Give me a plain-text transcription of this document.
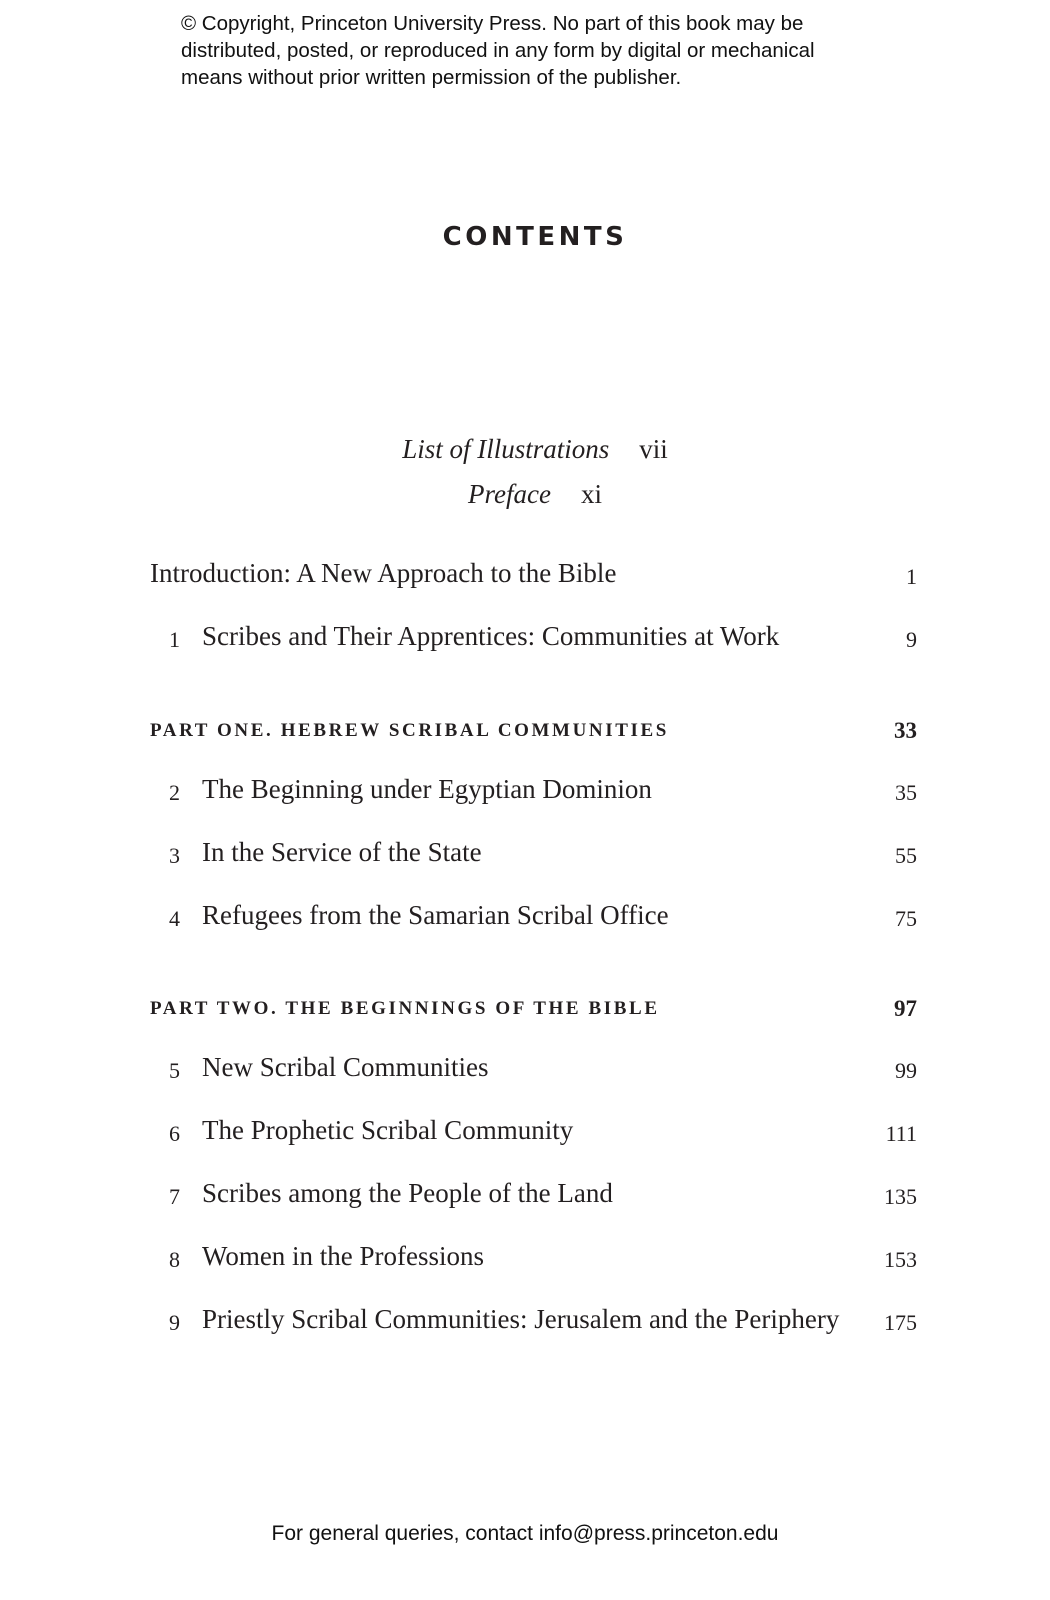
© Copyright, Princeton University Press. No part of this book may be
distributed, posted, or reproduced in any form by digital or mechanical
means without prior written permission of the publisher.
CONTENTS
List of Illustrations vii
Preface xi
Introduction: A New Approach to the Bible	1
1 Scribes and Their Apprentices: Communities at Work	9
PART ONE. HEBREW SCRIBAL COMMUNITIES	33
2 The Beginning under Egyptian Dominion	35
3 In the Service of the State	55
4 Refugees from the Samarian Scribal Office	75
PART TWO. THE BEGINNINGS OF THE BIBLE	97
5 New Scribal Communities	99
6 The Prophetic Scribal Community	111
7 Scribes among the People of the Land	135
8 Women in the Professions	153
9 Priestly Scribal Communities: Jerusalem and the Periphery 175
For general queries, contact info@press.princeton.edu
